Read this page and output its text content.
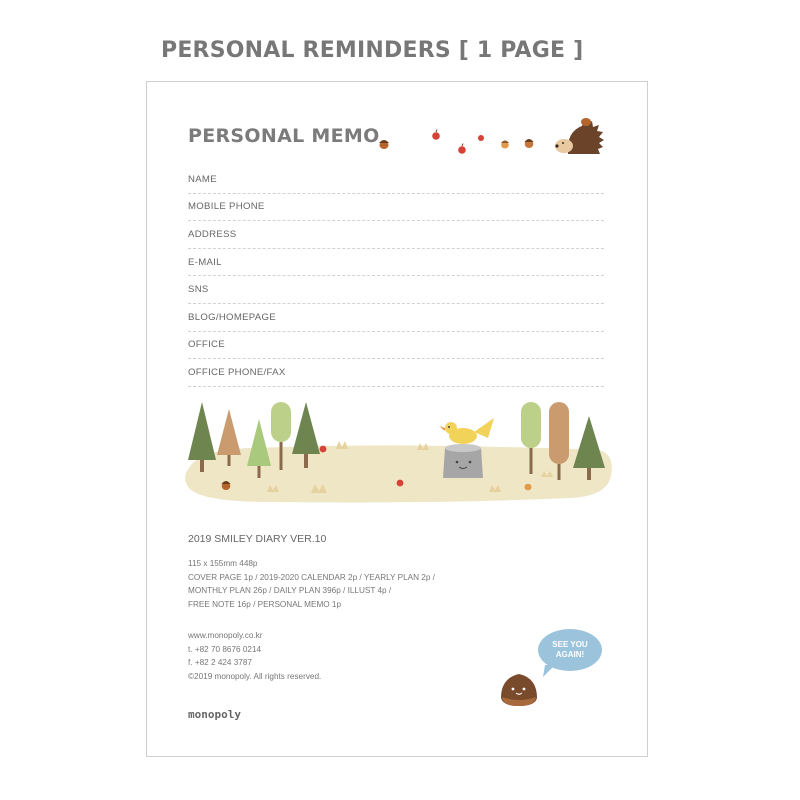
PERSONAL REMINDERS [ 1 PAGE ]
PERSONAL MEMO
NAME
MOBILE PHONE
ADDRESS
E-MAIL
SNS
BLOG/HOMEPAGE
OFFICE
OFFICE PHONE/FAX
2019 SMILEY DIARY VER.10
115 x 155mm 448p
COVER PAGE 1p / 2019-2020 CALENDAR 2p / YEARLY PLAN 2p /
MONTHLY PLAN 26p / DAILY PLAN 396p / ILLUST 4p /
FREE NOTE 16p / PERSONAL MEMO 1p
www.monopoly.co.kr
t. +82 70 8676 0214
f. +82 2 424 3787
©2019 monopoly. All rights reserved.
monopoly
SEE YOU
AGAIN!
